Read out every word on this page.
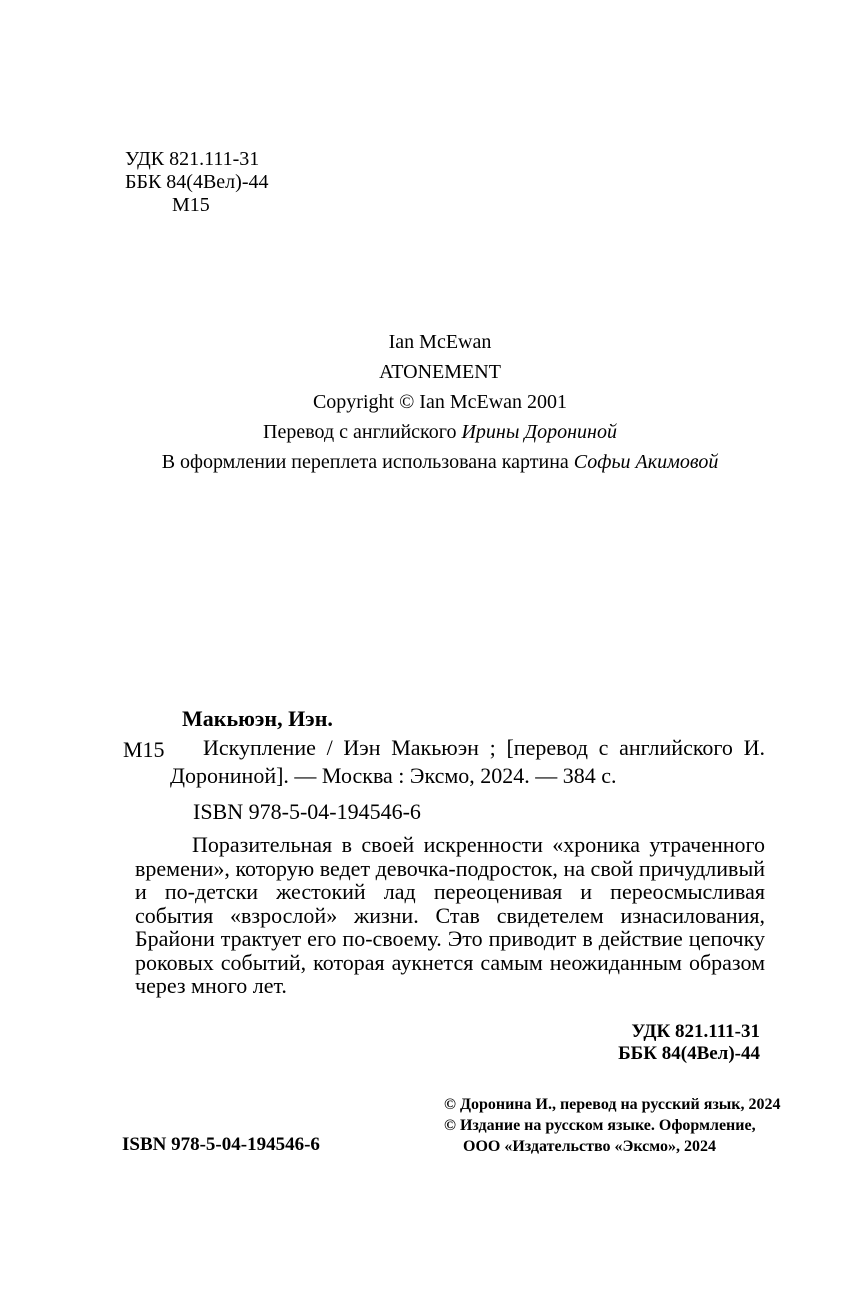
УДК 821.111-31
ББК 84(4Вел)-44
М15
Ian McEwan
ATONEMENT
Copyright © Ian McEwan 2001
Перевод с английского Ирины Дорониной
В оформлении переплета использована картина Софьи Акимовой
Макьюэн, Иэн.
М15	Искупление / Иэн Макьюэн ; [перевод с английского И. Дорониной]. — Москва : Эксмо, 2024. — 384 с.

ISBN 978-5-04-194546-6

Поразительная в своей искренности «хроника утраченного времени», которую ведет девочка-подросток, на свой причудливый и по-детски жестокий лад переоценивая и переосмысливая события «взрослой» жизни. Став свидетелем изнасилования, Брайони трактует его по-своему. Это приводит в действие цепочку роковых событий, которая аукнется самым неожиданным образом через много лет.

УДК 821.111-31
ББК 84(4Вел)-44
© Доронина И., перевод на русский язык, 2024
© Издание на русском языке. Оформление,
ООО «Издательство «Эксмо», 2024
ISBN 978-5-04-194546-6
